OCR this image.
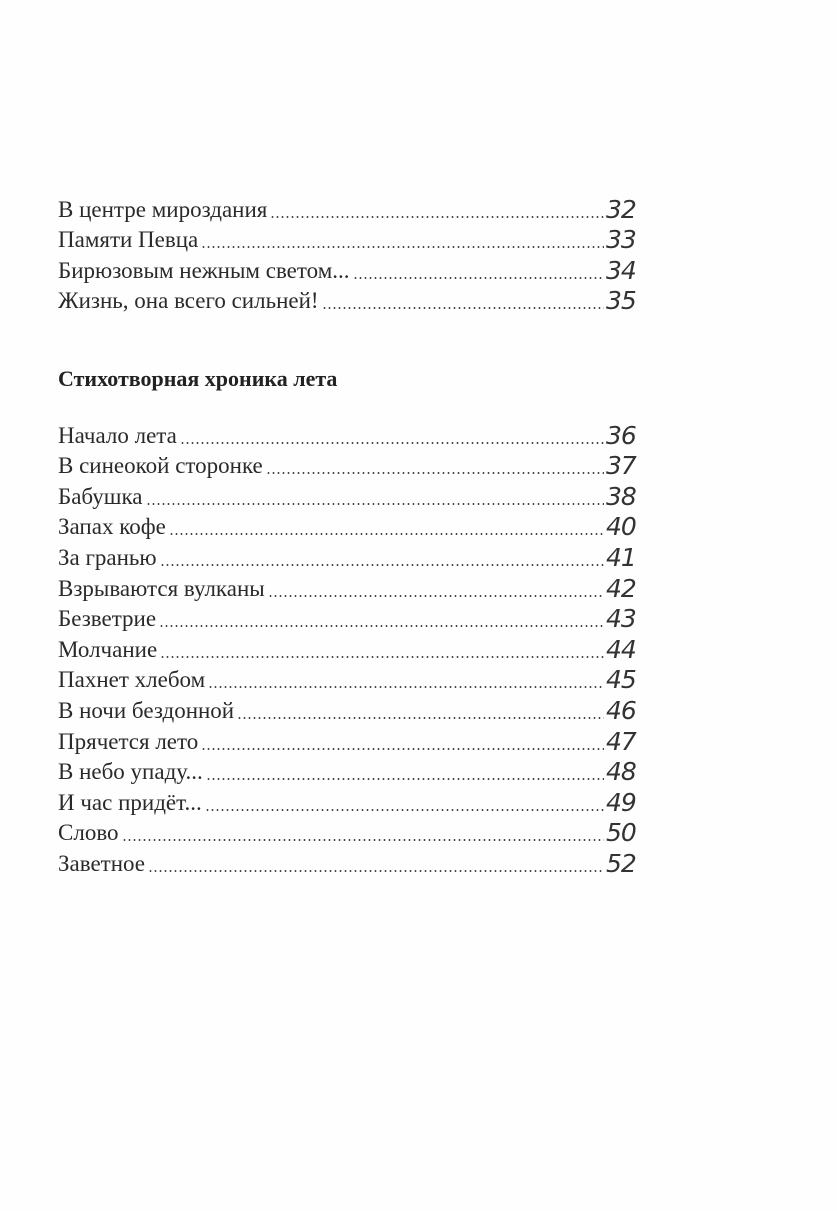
В центре мироздания	32
Памяти Певца	33
Бирюзовым нежным светом...	34
Жизнь, она всего сильней!	35
Стихотворная хроника лета
Начало лета	36
В синеокой сторонке	37
Бабушка	38
Запах кофе	40
За гранью	41
Взрываются вулканы	42
Безветрие	43
Молчание	44
Пахнет хлебом	45
В ночи бездонной	46
Прячется лето	47
В небо упаду...	48
И час придёт...	49
Слово	50
Заветное	52
